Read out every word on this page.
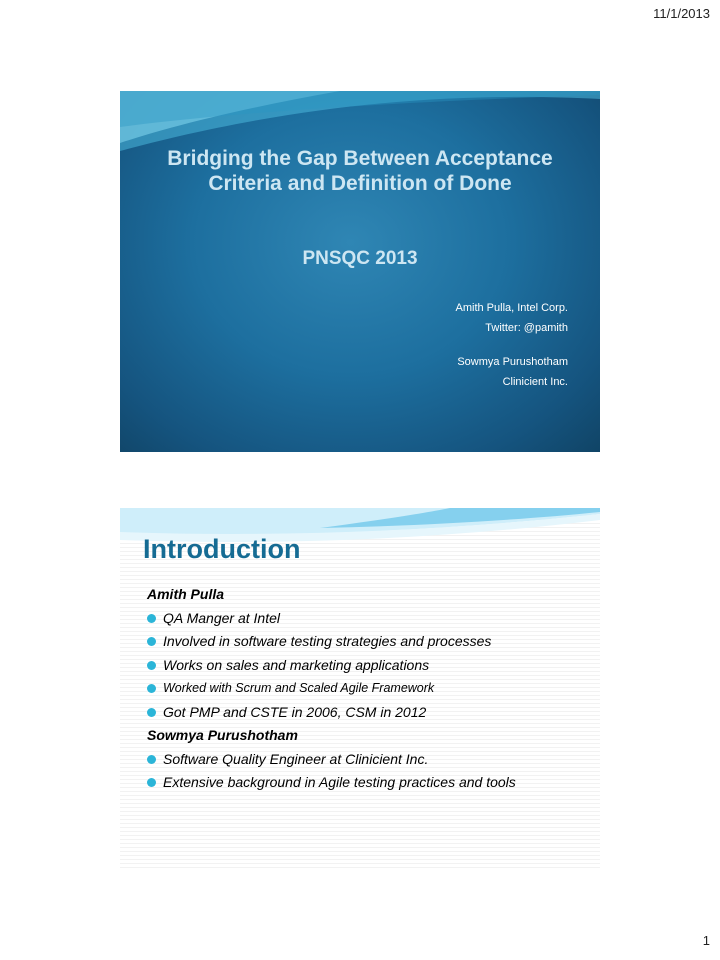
11/1/2013
Bridging the Gap Between Acceptance
Criteria and Definition of Done
PNSQC 2013
Amith Pulla, Intel Corp.
Twitter: @pamith
Sowmya Purushotham
Clinicient Inc.
Introduction
Amith Pulla
QA Manger at Intel
Involved in software testing strategies and processes
Works on sales and marketing applications
Worked with Scrum and Scaled Agile Framework
Got PMP and CSTE in 2006, CSM in 2012
Sowmya Purushotham
Software Quality Engineer at Clinicient Inc.
Extensive background in Agile testing practices and tools
1
